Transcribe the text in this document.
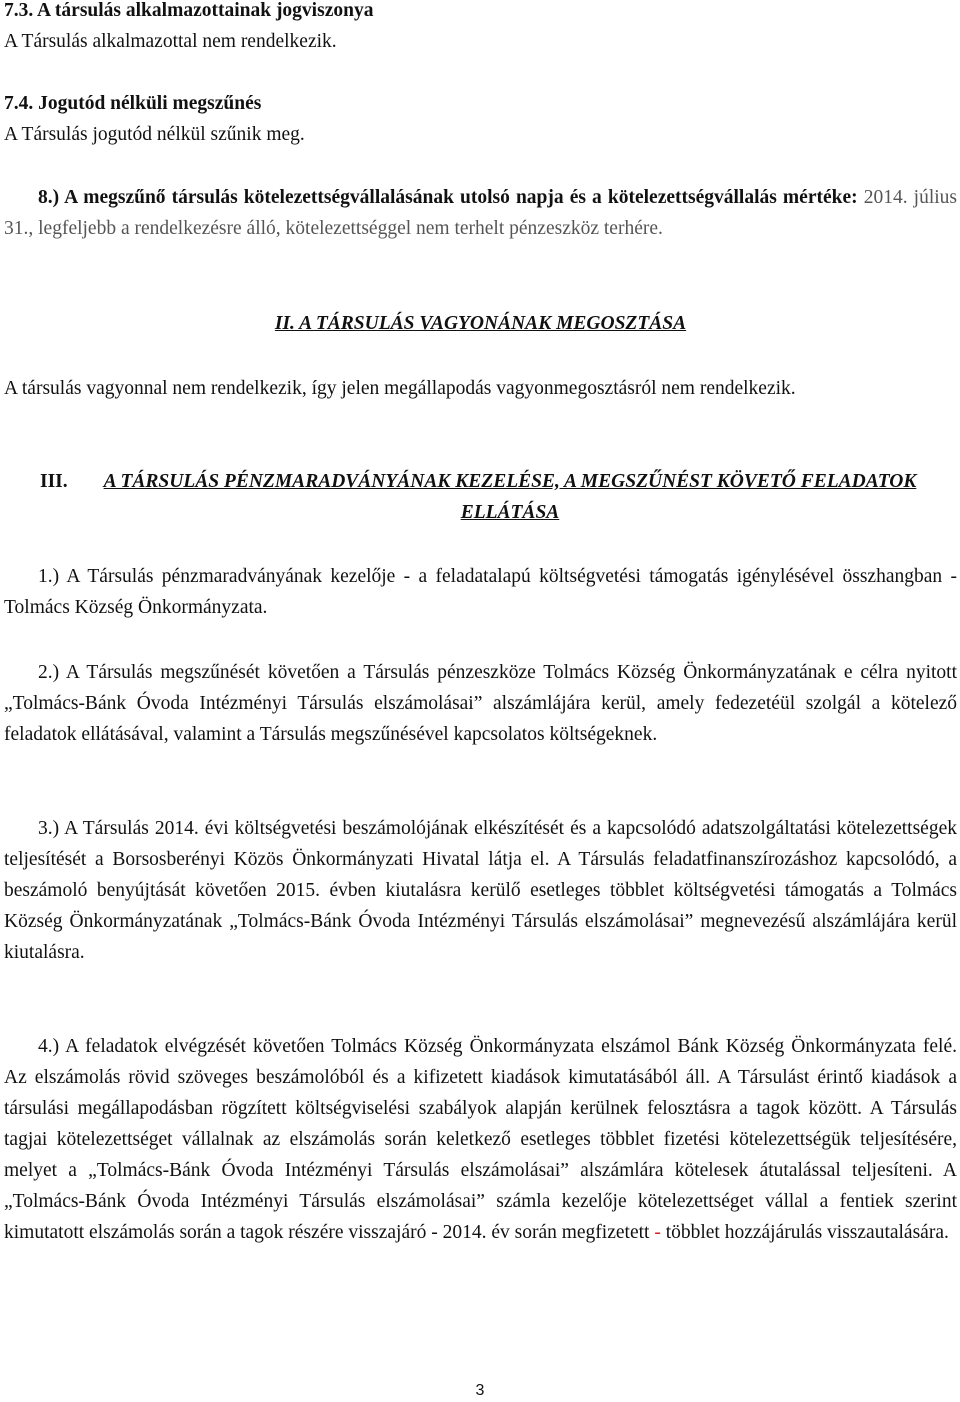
7.3. A társulás alkalmazottainak jogviszonya
A Társulás alkalmazottal nem rendelkezik.
7.4. Jogutód nélküli megszűnés
A Társulás jogutód nélkül szűnik meg.

8.) A megszűnő társulás kötelezettségvállalásának utolsó napja és a kötelezettségvállalás mértéke: 2014. július 31., legfeljebb a rendelkezésre álló, kötelezettséggel nem terhelt pénzeszköz terhére.

II. A TÁRSULÁS VAGYONÁNAK MEGOSZTÁSA

A társulás vagyonnal nem rendelkezik, így jelen megállapodás vagyonmegosztásról nem rendelkezik.

III.	A TÁRSULÁS PÉNZMARADVÁNYÁNAK KEZELÉSE, A MEGSZŰNÉST KÖVETŐ FELADATOK ELLÁTÁSA

1.) A Társulás pénzmaradványának kezelője - a feladatalapú költségvetési támogatás igénylésével összhangban - Tolmács Község Önkormányzata.

2.) A Társulás megszűnését követően a Társulás pénzeszköze Tolmács Község Önkormányzatának e célra nyitott „Tolmács-Bánk Óvoda Intézményi Társulás elszámolásai” alszámlájára kerül, amely fedezetéül szolgál a kötelező feladatok ellátásával, valamint a Társulás megszűnésével kapcsolatos költségeknek.

3.) A Társulás 2014. évi költségvetési beszámolójának elkészítését és a kapcsolódó adatszolgáltatási kötelezettségek teljesítését a Borsosberényi Közös Önkormányzati Hivatal látja el. A Társulás feladatfinanszírozáshoz kapcsolódó, a beszámoló benyújtását követően 2015. évben kiutalásra kerülő esetleges többlet költségvetési támogatás a Tolmács Község Önkormányzatának „Tolmács-Bánk Óvoda Intézményi Társulás elszámolásai” megnevezésű alszámlájára kerül kiutalásra.

4.) A feladatok elvégzését követően Tolmács Község Önkormányzata elszámol Bánk Község Önkormányzata felé. Az elszámolás rövid szöveges beszámolóból és a kifizetett kiadások kimutatásából áll. A Társulást érintő kiadások a társulási megállapodásban rögzített költségviselési szabályok alapján kerülnek felosztásra a tagok között. A Társulás tagjai kötelezettséget vállalnak az elszámolás során keletkező esetleges többlet fizetési kötelezettségük teljesítésére, melyet a „Tolmács-Bánk Óvoda Intézményi Társulás elszámolásai” alszámlára kötelesek átutalással teljesíteni. A „Tolmács-Bánk Óvoda Intézményi Társulás elszámolásai” számla kezelője kötelezettséget vállal a fentiek szerint kimutatott elszámolás során a tagok részére visszajáró - 2014. év során megfizetett - többlet hozzájárulás visszautalására.

3
